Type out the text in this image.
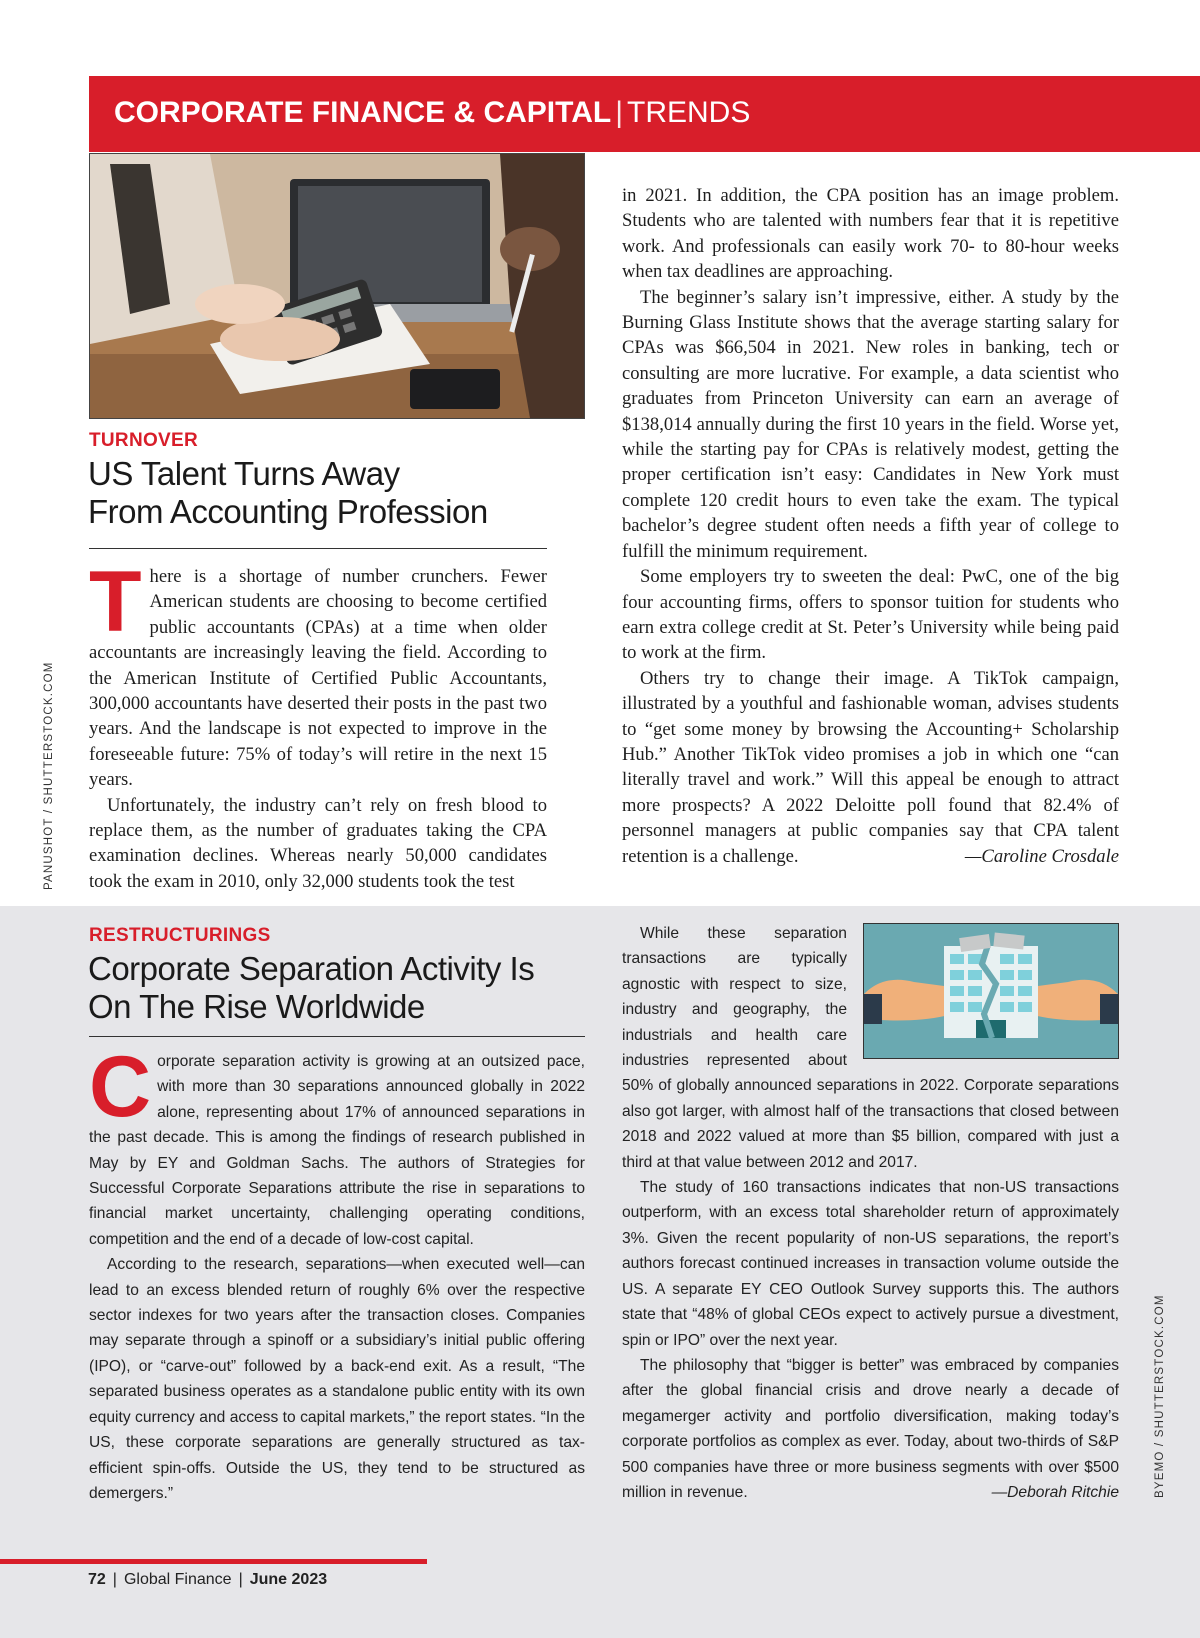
CORPORATE FINANCE & CAPITAL | TRENDS
PANUSHOT / SHUTTERSTOCK.COM
TURNOVER
US Talent Turns Away
From Accounting Profession

There is a shortage of number crunchers. Fewer American students are choosing to become certified public accountants (CPAs) at a time when older accountants are increasingly leaving the field. According to the American Institute of Certified Public Accountants, 300,000 accountants have deserted their posts in the past two years. And the landscape is not expected to improve in the foreseeable future: 75% of today’s will retire in the next 15 years.

Unfortunately, the industry can’t rely on fresh blood to replace them, as the number of graduates taking the CPA examination declines. Whereas nearly 50,000 candidates took the exam in 2010, only 32,000 students took the test

in 2021. In addition, the CPA position has an image problem. Students who are talented with numbers fear that it is repetitive work. And professionals can easily work 70- to 80-hour weeks when tax deadlines are approaching.

The beginner’s salary isn’t impressive, either. A study by the Burning Glass Institute shows that the average starting salary for CPAs was $66,504 in 2021. New roles in banking, tech or consulting are more lucrative. For example, a data scientist who graduates from Princeton University can earn an average of $138,014 annually during the first 10 years in the field. Worse yet, while the starting pay for CPAs is relatively modest, getting the proper certification isn’t easy: Candidates in New York must complete 120 credit hours to even take the exam. The typical bachelor’s degree student often needs a fifth year of college to fulfill the minimum requirement.

Some employers try to sweeten the deal: PwC, one of the big four accounting firms, offers to sponsor tuition for students who earn extra college credit at St. Peter’s University while being paid to work at the firm.

Others try to change their image. A TikTok campaign, illustrated by a youthful and fashionable woman, advises students to “get some money by browsing the Accounting+ Scholarship Hub.” Another TikTok video promises a job in which one “can literally travel and work.” Will this appeal be enough to attract more prospects? A 2022 Deloitte poll found that 82.4% of personnel managers at public companies say that CPA talent retention is a challenge.	—Caroline Crosdale
RESTRUCTURINGS
Corporate Separation Activity Is
On The Rise Worldwide

Corporate separation activity is growing at an outsized pace, with more than 30 separations announced globally in 2022 alone, representing about 17% of announced separations in the past decade. This is among the findings of research published in May by EY and Goldman Sachs. The authors of Strategies for Successful Corporate Separations attribute the rise in separations to financial market uncertainty, challenging operating conditions, competition and the end of a decade of low-cost capital.

According to the research, separations—when executed well—can lead to an excess blended return of roughly 6% over the respective sector indexes for two years after the transaction closes. Companies may separate through a spinoff or a subsidiary’s initial public offering (IPO), or “carve-out” followed by a back-end exit. As a result, “The separated business operates as a standalone public entity with its own equity currency and access to capital markets,” the report states. “In the US, these corporate separations are generally structured as tax-efficient spin-offs. Outside the US, they tend to be structured as demergers.”

While these separation transactions are typically agnostic with respect to size, industry and geography, the industrials and health care industries represented about 50% of globally announced separations in 2022. Corporate separations also got larger, with almost half of the transactions that closed between 2018 and 2022 valued at more than $5 billion, compared with just a third at that value between 2012 and 2017.

The study of 160 transactions indicates that non-US transactions outperform, with an excess total shareholder return of approximately 3%. Given the recent popularity of non-US separations, the report’s authors forecast continued increases in transaction volume outside the US. A separate EY CEO Outlook Survey supports this. The authors state that “48% of global CEOs expect to actively pursue a divestment, spin or IPO” over the next year.

The philosophy that “bigger is better” was embraced by companies after the global financial crisis and drove nearly a decade of megamerger activity and portfolio diversification, making today’s corporate portfolios as complex as ever. Today, about two-thirds of S&P 500 companies have three or more business segments with over $500 million in revenue.	—Deborah Ritchie	BYEMO / SHUTTERSTOCK.COM
72 | Global Finance | June 2023
